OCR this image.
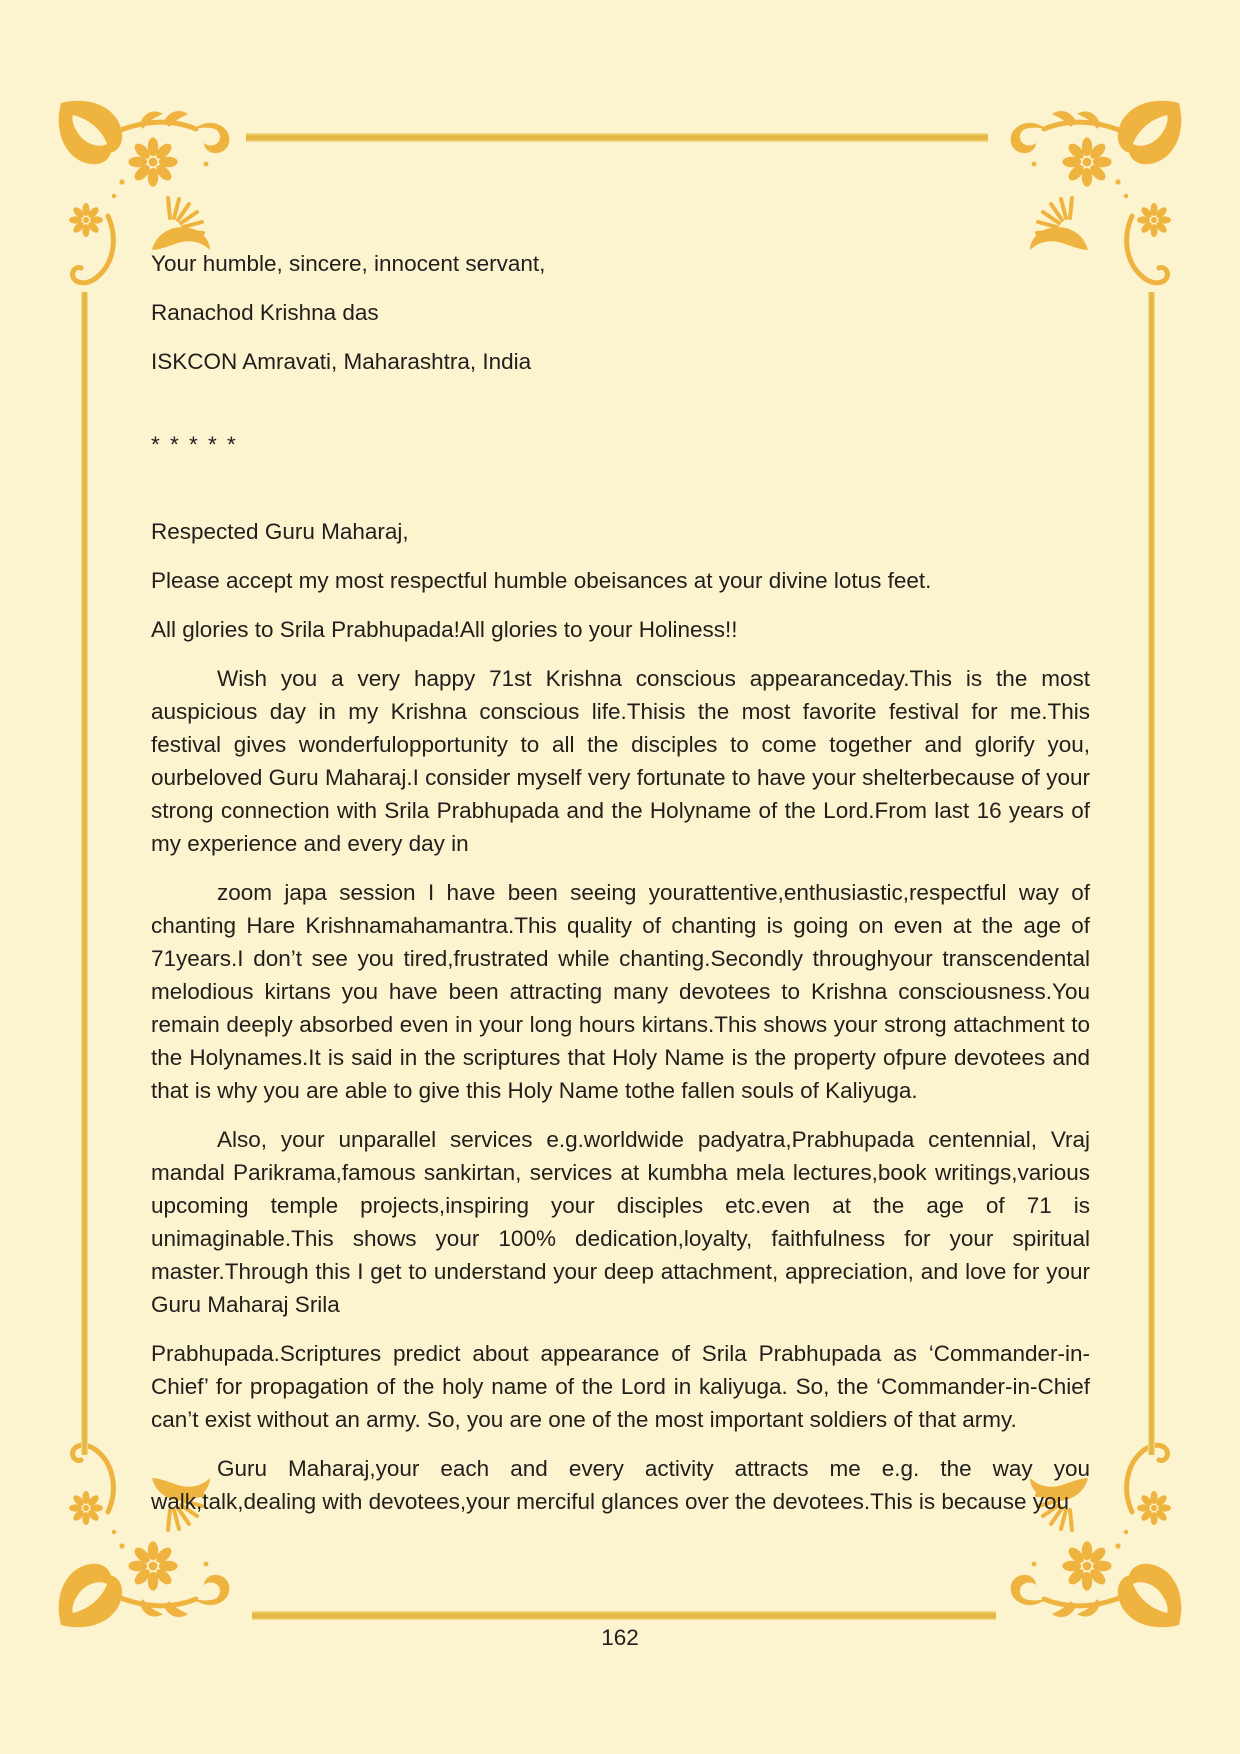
Your humble, sincere, innocent servant,

Ranachod Krishna das

ISKCON Amravati, Maharashtra, India

* * * * *

Respected Guru Maharaj,

Please accept my most respectful humble obeisances at your divine lotus feet.

All glories to Srila Prabhupada!All glories to your Holiness!!

Wish you a very happy 71st Krishna conscious appearanceday.This is the most auspicious day in my Krishna conscious life.Thisis the most favorite festival for me.This festival gives wonderfulopportunity to all the disciples to come together and glorify you, ourbeloved Guru Maharaj.I consider myself very fortunate to have your shelterbecause of your strong connection with Srila Prabhupada and the Holyname of the Lord.From last 16 years of my experience and every day in

zoom japa session I have been seeing yourattentive,enthusiastic,respectful way of chanting Hare Krishnamahamantra.This quality of chanting is going on even at the age of 71years.I don’t see you tired,frustrated while chanting.Secondly throughyour transcendental melodious kirtans you have been attracting many devotees to Krishna consciousness.You remain deeply absorbed even in your long hours kirtans.This shows your strong attachment to the Holynames.It is said in the scriptures that Holy Name is the property ofpure devotees and that is why you are able to give this Holy Name tothe fallen souls of Kaliyuga.

Also, your unparallel services e.g.worldwide padyatra,Prabhupada centennial, Vraj mandal Parikrama,famous sankirtan, services at kumbha mela lectures,book writings,various upcoming temple projects,inspiring your disciples etc.even at the age of 71 is unimaginable.This shows your 100% dedication,loyalty, faithfulness for your spiritual master.Through this I get to understand your deep attachment, appreciation, and love for your Guru Maharaj Srila

Prabhupada.Scriptures predict about appearance of Srila Prabhupada as ‘Commander-in-Chief’ for propagation of the holy name of the Lord in kaliyuga. So, the ‘Commander-in-Chief can’t exist without an army. So, you are one of the most important soldiers of that army.

Guru Maharaj,your each and every activity attracts me e.g. the way you walk,talk,dealing with devotees,your merciful glances over the devotees.This is because you

162
